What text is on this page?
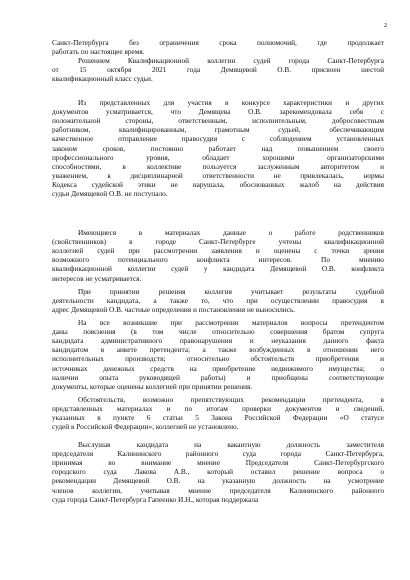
2
Санкт-Петербурга без ограничения срока полномочий, где продолжает
работать по настоящее время.
Решением Квалификационной коллегии судей города Санкт-Петербурга
от 15 октября 2021 года Демящевой О.В. присвоен шестой
квалификационный класс судьи.
Из представленных для участия в конкурсе характеристики и других
документов усматривается, что Демящева О.В. зарекомендовала себя с
положительной стороны, ответственным, исполнительным, добросовестным
работником, квалифицированным, грамотным судьей, обеспечивающим
качественное отправление правосудия с соблюдением установленных
законом сроков, постоянно работает над повышением своего
профессионального уровня, обладает хорошими организаторскими
способностями, в коллективе пользуется заслуженным авторитетом и
уважением, к дисциплинарной ответственности не привлекалась, нормы
Кодекса судейской этики не нарушала, обоснованных жалоб на действия
судьи Демящевой О.В. не поступало.
Имеющиеся в материалах данные о работе родственников
(свойственников) в городе Санкт-Петербурге учтены квалификационной
коллегией судей при рассмотрении заявления и оценены с точки зрения
возможного потенциального конфликта интересов. По мнению
квалификационной коллегии судей у кандидата Демящевой О.В. конфликта
интересов не усматривается.
При принятии решения коллегия учитывает результаты судебной
деятельности кандидата, а также то, что при осуществлении правосудия в
адрес Демящевой О.В. частные определения и постановления не выносились.
На все возникшие при рассмотрении материалов вопросы претендентом
даны пояснения (в том числе относительно совершения братом супруга
кандидата административного правонарушения и неуказания данного факта
кандидатом в анкете претендента; а также возбужденных в отношении него
исполнительных производств; относительно обстоятельств приобретения и
источниках денежных средств на приобретение недвижимого имущества; о
наличии опыта руководящей работы) и приобщены соответствующие
документы, которые оценены коллегией при принятии решения.
Обстоятельств, возможно препятствующих рекомендации претендента, в
представленных материалах и по итогам проверки документов и сведений,
указанных в пункте 6 статьи 5 Закона Российской Федерации «О статусе
судей в Российской Федерации», коллегией не установлено.
Выслушав кандидата на вакантную должность заместителя
председателя Калининского районного суда города Санкт-Петербурга,
принимая во внимание мнение Председателя Санкт-Петербургского
городского суда Лакова А.В., который оставил решение вопроса о
рекомендации Демящевой О.В. на указанную должность на усмотрение
членов коллегии, учитывая мнение председателя Калининского районного
суда города Санкт-Петербурга Гапеенко И.Н., которая поддержала
